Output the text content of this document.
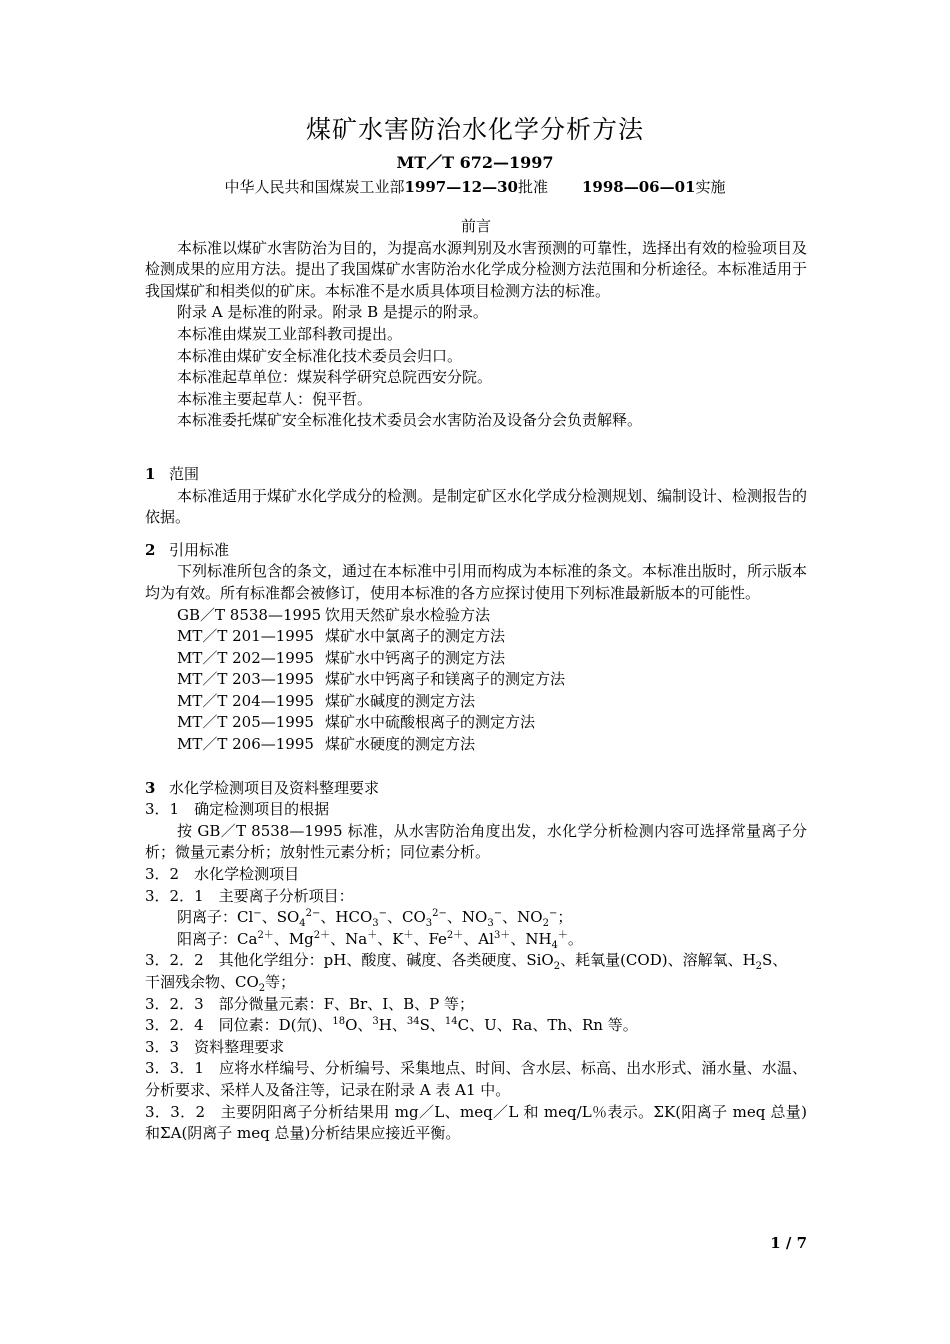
煤矿水害防治水化学分析方法
MT／T 672—1997
中华人民共和国煤炭工业部1997—12—30批准 1998—06—01实施
前言

本标准以煤矿水害防治为目的，为提高水源判别及水害预测的可靠性，选择出有效的检验项目及检测成果的应用方法。提出了我国煤矿水害防治水化学成分检测方法范围和分析途径。本标准适用于我国煤矿和相类似的矿床。本标准不是水质具体项目检测方法的标准。

附录 A 是标准的附录。附录 B 是提示的附录。

本标准由煤炭工业部科教司提出。

本标准由煤矿安全标准化技术委员会归口。

本标准起草单位：煤炭科学研究总院西安分院。

本标准主要起草人：倪平哲。

本标准委托煤矿安全标准化技术委员会水害防治及设备分会负责解释。

1 范围

本标准适用于煤矿水化学成分的检测。是制定矿区水化学成分检测规划、编制设计、检测报告的依据。

2 引用标准

下列标准所包含的条文，通过在本标准中引用而构成为本标准的条文。本标准出版时，所示版本均为有效。所有标准都会被修订，使用本标准的各方应探讨使用下列标准最新版本的可能性。

GB／T 8538—1995 饮用天然矿泉水检验方法

MT／T 201—1995 煤矿水中氯离子的测定方法

MT／T 202—1995 煤矿水中钙离子的测定方法

MT／T 203—1995 煤矿水中钙离子和镁离子的测定方法

MT／T 204—1995 煤矿水碱度的测定方法

MT／T 205—1995 煤矿水中硫酸根离子的测定方法

MT／T 206—1995 煤矿水硬度的测定方法

3 水化学检测项目及资料整理要求

3．1　确定检测项目的根据

按 GB／T 8538—1995 标准，从水害防治角度出发，水化学分析检测内容可选择常量离子分析；微量元素分析；放射性元素分析；同位素分析。

3．2　水化学检测项目

3．2．1　主要离子分析项目：

阴离子：Cl−、$SO_4^{2-}$、$HCO_3^-$、$CO_3^{2-}$、$NO_3^-$、$NO_2^-$；

阳离子：$Ca^{2+}$、$Mg^{2+}$、Na＋、K＋、$Fe^{2+}$、$Al^{3+}$、$NH_4^+$。

3．2．2　其他化学组分：pH、酸度、碱度、各类硬度、SiO$_2$、耗氧量(COD)、溶解氧、$H_2S$、

干涸残余物、$CO_2$等；

3．2．3　部分微量元素：F、Br、I、B、P 等；

3．2．4　同位素：D(氘)、$^{18}$O、$^3$H、$^{34}$S、$^{14}$C、U、Ra、Th、Rn 等。

3．3　资料整理要求

3．3．1　应将水样编号、分析编号、采集地点、时间、含水层、标高、出水形式、涌水量、水温、分析要求、采样人及备注等，记录在附录 A 表 A1 中。

3．3．2　主要阴阳离子分析结果用 mg／L、meq／L 和 meq/L％表示。ΣK(阳离子 meq 总量)和ΣA(阴离子 meq 总量)分析结果应接近平衡。

1 / 7
